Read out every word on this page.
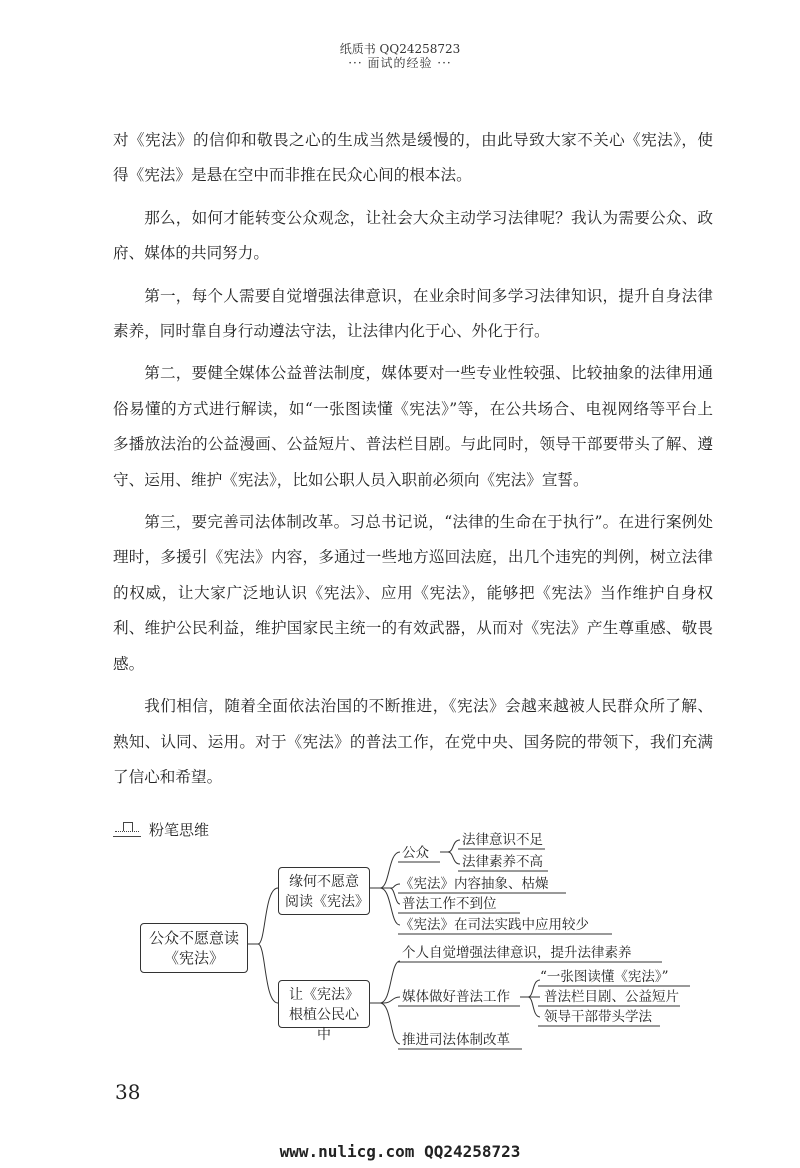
纸质书 QQ24258723
··· 面试的经验 ···

对《宪法》的信仰和敬畏之心的生成当然是缓慢的，由此导致大家不关心《宪法》，使得《宪法》是悬在空中而非推在民众心间的根本法。

那么，如何才能转变公众观念，让社会大众主动学习法律呢？我认为需要公众、政府、媒体的共同努力。

第一，每个人需要自觉增强法律意识，在业余时间多学习法律知识，提升自身法律素养，同时靠自身行动遵法守法，让法律内化于心、外化于行。

第二，要健全媒体公益普法制度，媒体要对一些专业性较强、比较抽象的法律用通俗易懂的方式进行解读，如“一张图读懂《宪法》”等，在公共场合、电视网络等平台上多播放法治的公益漫画、公益短片、普法栏目剧。与此同时，领导干部要带头了解、遵守、运用、维护《宪法》，比如公职人员入职前必须向《宪法》宣誓。

第三，要完善司法体制改革。习总书记说，“法律的生命在于执行”。在进行案例处理时，多援引《宪法》内容，多通过一些地方巡回法庭，出几个违宪的判例，树立法律的权威，让大家广泛地认识《宪法》、应用《宪法》，能够把《宪法》当作维护自身权利、维护公民利益，维护国家民主统一的有效武器，从而对《宪法》产生尊重感、敬畏感。

我们相信，随着全面依法治国的不断推进，《宪法》会越来越被人民群众所了解、熟知、认同、运用。对于《宪法》的普法工作，在党中央、国务院的带领下，我们充满了信心和希望。

粉笔思维
公众不愿意读《宪法》
缘何不愿意阅读《宪法》
让《宪法》根植公民心中
公众
法律意识不足
法律素养不高
《宪法》内容抽象、枯燥
普法工作不到位
《宪法》在司法实践中应用较少
个人自觉增强法律意识，提升法律素养
媒体做好普法工作
“一张图读懂《宪法》”
普法栏目剧、公益短片
领导干部带头学法
推进司法体制改革
38
www.nulicg.com QQ24258723
